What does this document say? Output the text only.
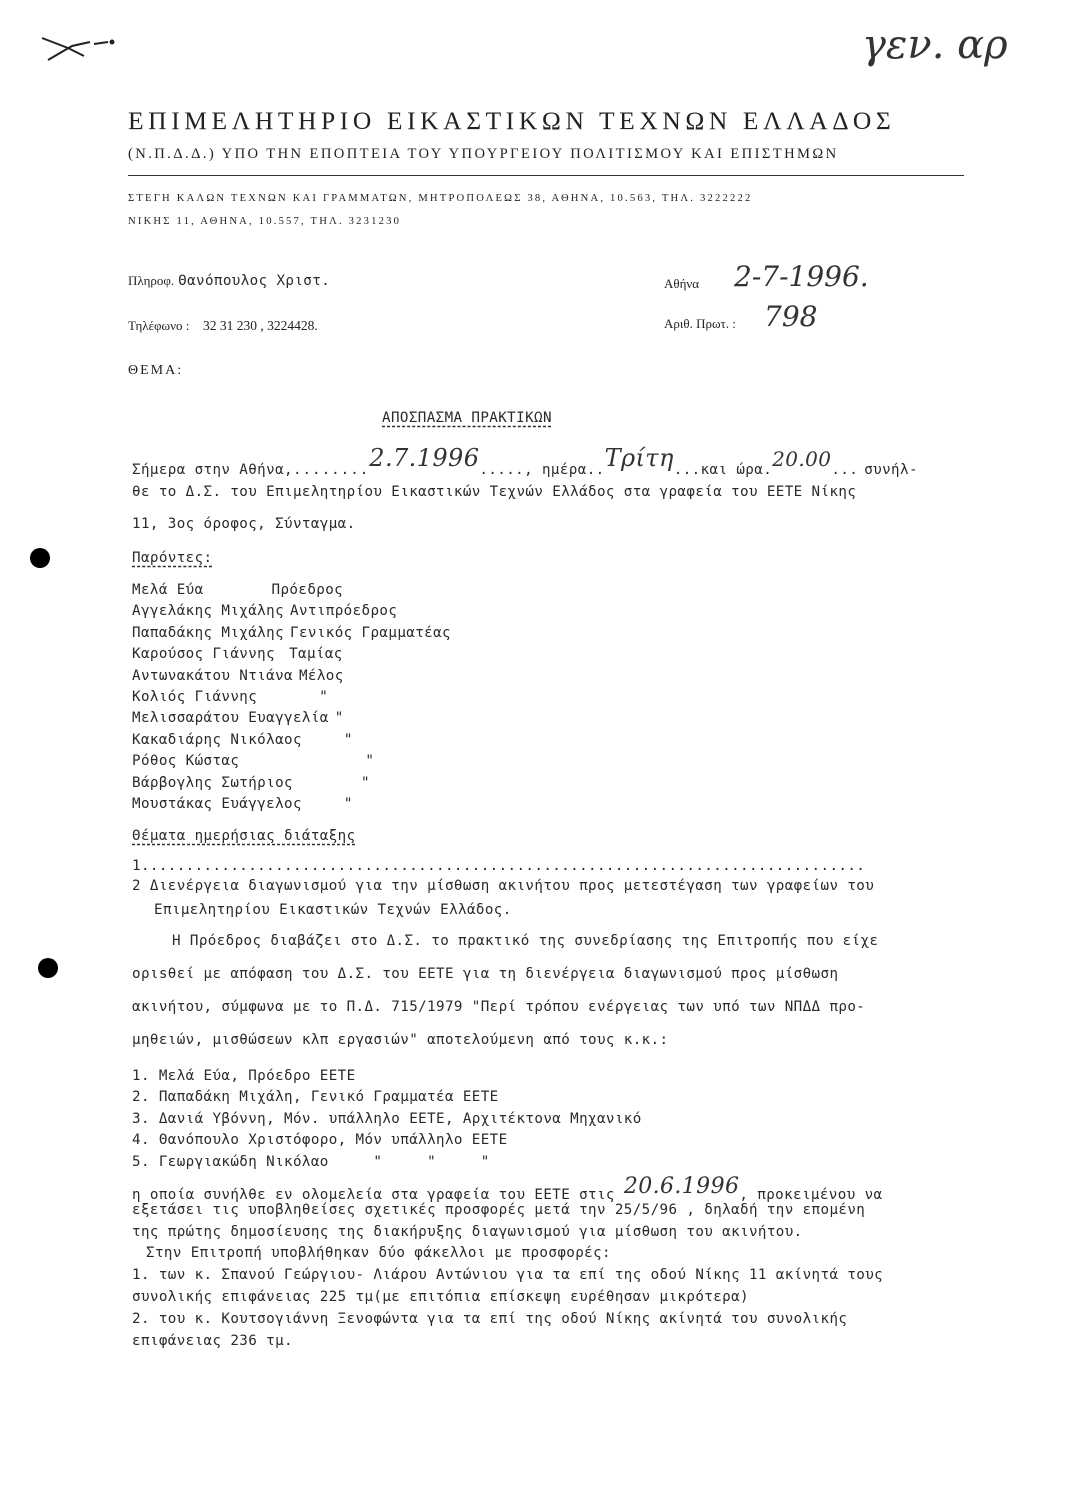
γεν. αρ
ΕΠΙΜΕΛΗΤΗΡΙΟ ΕΙΚΑΣΤΙΚΩΝ ΤΕΧΝΩΝ ΕΛΛΑΔΟΣ
(Ν.Π.Δ.Δ.) ΥΠΟ ΤΗΝ ΕΠΟΠΤΕΙΑ ΤΟΥ ΥΠΟΥΡΓΕΙΟΥ ΠΟΛΙΤΙΣΜΟΥ ΚΑΙ ΕΠΙΣΤΗΜΩΝ
ΣΤΕΓΗ ΚΑΛΩΝ ΤΕΧΝΩΝ ΚΑΙ ΓΡΑΜΜΑΤΩΝ, ΜΗΤΡΟΠΟΛΕΩΣ 38, ΑΘΗΝΑ, 10.563, ΤΗΛ. 3222222
ΝΙΚΗΣ 11, ΑΘΗΝΑ, 10.557, ΤΗΛ. 3231230
Πληροφ. Θανόπουλος Χριστ.
Τηλέφωνο : 32 31 230 , 3224428.
Αθήνα 2-7-1996.
Αριθ. Πρωτ. : 798
ΘΕΜΑ:
ΑΠΟΣΠΑΣΜΑ ΠΡΑΚΤΙΚΩΝ
Σήμερα στην Αθήνα,........2.7.1996....., ημέρα..Τρίτη...και ώρα.20.00... συνήλ-
θε το Δ.Σ. του Επιμελητηρίου Εικαστικών Τεχνών Ελλάδος στα γραφεία του ΕΕΤΕ Νίκης
11, 3ος όροφος, Σύνταγμα.
Παρόντες:
Μελά Εύα	Πρόεδρος
Αγγελάκης Μιχάλης Αντιπρόεδρος
Παπαδάκης Μιχάλης Γενικός Γραμματέας
Καρούσος Γιάννης Ταμίας
Αντωνακάτου Ντιάνα Μέλος
Κολιός Γιάννης	"
Μελισσαράτου Ευαγγελία "
Κακαδιάρης Νικόλαος	"
Ρόθος Κώστας	"
Βάρβογλης Σωτήριος	"
Μουστάκας Ευάγγελος	"
Θέματα ημερήσιας διάταξης
1.................................................................................
2 Διενέργεια διαγωνισμού για την μίσθωση ακινήτου προς μετεστέγαση των γραφείων του
Επιμελητηρίου Εικαστικών Τεχνών Ελλάδος.
Η Πρόεδρος διαβάζει στο Δ.Σ. το πρακτικό της συνεδρίασης της Επιτροπής που είχε
οριsθεί με απόφαση του Δ.Σ. του ΕΕΤΕ για τη διενέργεια διαγωνισμού προς μίσθωση
ακινήτου, σύμφωνα με το Π.Δ. 715/1979 "Περί τρόπου ενέργειας των υπό των ΝΠΔΔ προ-
μηθειών, μισθώσεων κλπ εργασιών" αποτελούμενη από τους κ.κ.:
1. Μελά Εύα, Πρόεδρο ΕΕΤΕ
2. Παπαδάκη Μιχάλη, Γενικό Γραμματέα ΕΕΤΕ
3. Δανιά Υβόννη, Μόν. υπάλληλο ΕΕΤΕ, Αρχιτέκτονα Μηχανικό
4. Θανόπουλο Χριστόφορο, Μόν υπάλληλο ΕΕΤΕ
5. Γεωργιακώδη Νικόλαο     "     "     "
η οποία συνήλθε εν ολομελεία στα γραφεία του ΕΕΤΕ στις 20.6.1996, προκειμένου να
εξετάσει τις υποβληθείσες σχετικές προσφορές μετά την 25/5/96 , δηλαδή την επομένη
της πρώτης δημοσίευσης της διακήρυξης διαγωνισμού για μίσθωση του ακινήτου.
Στην Επιτροπή υποβλήθηκαν δύο φάκελλοι με προσφορές:
1. των κ. Σπανού Γεώργιου- Λιάρου Αντώνιου για τα επί της οδού Νίκης 11 ακίνητά τους
συνολικής επιφάνειας 225 τμ(με επιτόπια επίσκεψη ευρέθησαν μικρότερα)
2. του κ. Κουτσογιάννη Ξενοφώντα για τα επί της οδού Νίκης ακίνητά του συνολικής
επιφάνειας 236 τμ.
